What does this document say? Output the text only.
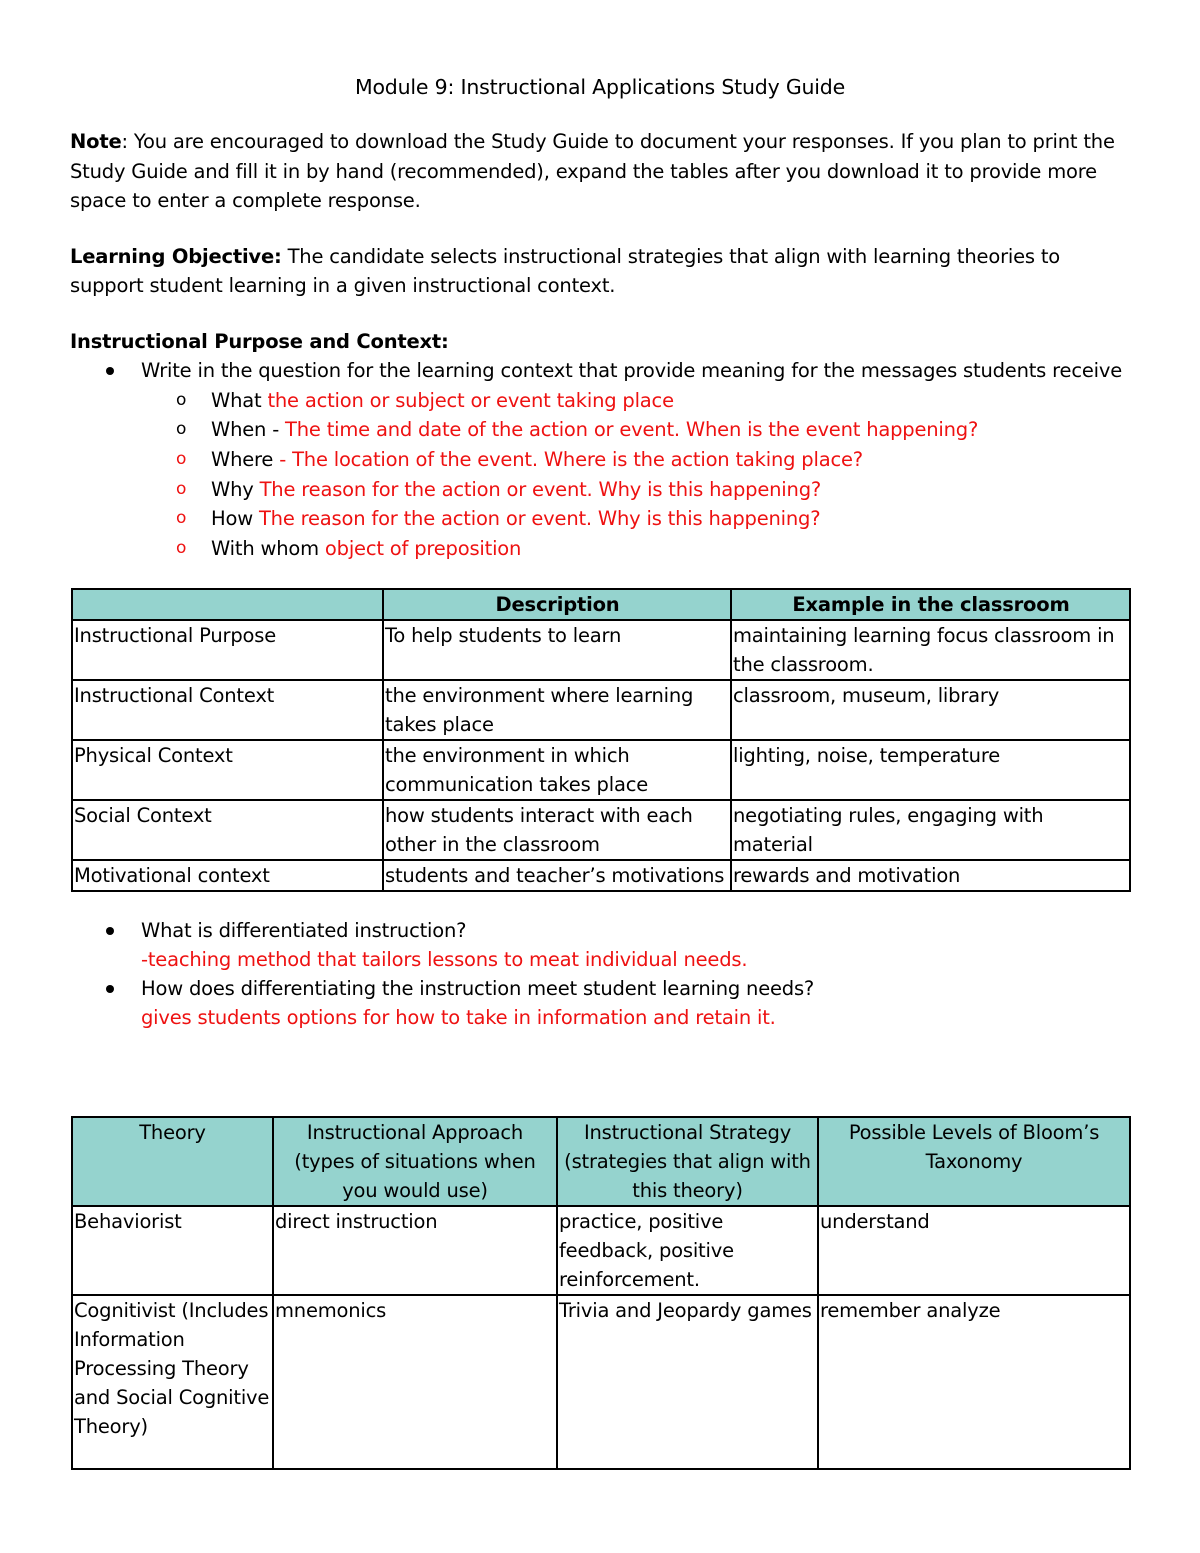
Module 9: Instructional Applications Study Guide

Note: You are encouraged to download the Study Guide to document your responses. If you plan to print the Study Guide and fill it in by hand (recommended), expand the tables after you download it to provide more space to enter a complete response.

Learning Objective: The candidate selects instructional strategies that align with learning theories to support student learning in a given instructional context.

Instructional Purpose and Context:

Write in the question for the learning context that provide meaning for the messages students receive
o What the action or subject or event taking place
o When - The time and date of the action or event. When is the event happening?
o Where - The location of the event. Where is the action taking place?
o Why The reason for the action or event. Why is this happening?
o How The reason for the action or event. Why is this happening?
o With whom object of preposition
	Description	Example in the classroom
Instructional Purpose	To help students to learn	maintaining learning focus classroom in the classroom.
Instructional Context	the environment where learning takes place	classroom, museum, library
Physical Context	the environment in which communication takes place	lighting, noise, temperature
Social Context	how students interact with each other in the classroom	negotiating rules, engaging with material
Motivational context	students and teacher’s motivations	rewards and motivation
What is differentiated instruction?
-teaching method that tailors lessons to meat individual needs.
How does differentiating the instruction meet student learning needs?
gives students options for how to take in information and retain it.
Theory	Instructional Approach (types of situations when you would use)	Instructional Strategy (strategies that align with this theory)	Possible Levels of Bloom’s Taxonomy
Behaviorist	direct instruction	practice, positive feedback, positive reinforcement.	understand
Cognitivist (Includes Information Processing Theory and Social Cognitive Theory)	mnemonics	Trivia and Jeopardy games	remember analyze
